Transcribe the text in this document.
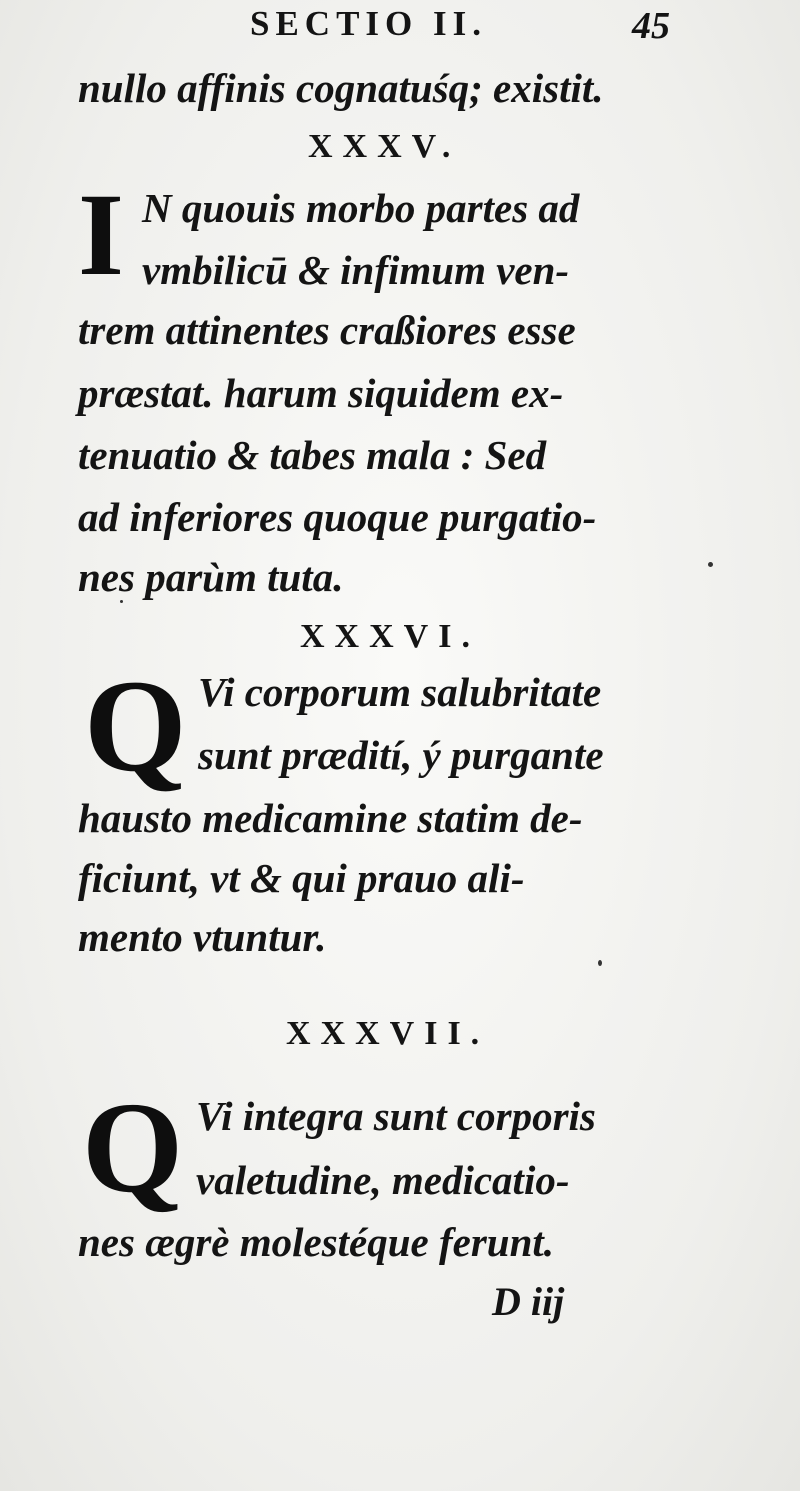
SECTIO II.	45
nullo affinis cognatuśq; existit.
XXXV.
I N quouis morbo partes ad
vmbilicū & infimum ven-
trem attinentes craßiores esse
præstat. harum siquidem ex-
tenuatio & tabes mala : Sed
ad inferiores quoque purgatio-
nes parùm tuta.
XXXVI.
Q Vi corporum salubritate
sunt prædití, ý purgante
hausto medicamine statim de-
ficiunt, vt & qui prauo ali-
mento vtuntur.
XXXVII.
Q Vi integra sunt corporis
valetudine, medicatio-
nes ægrè molestéque ferunt.
D iij
